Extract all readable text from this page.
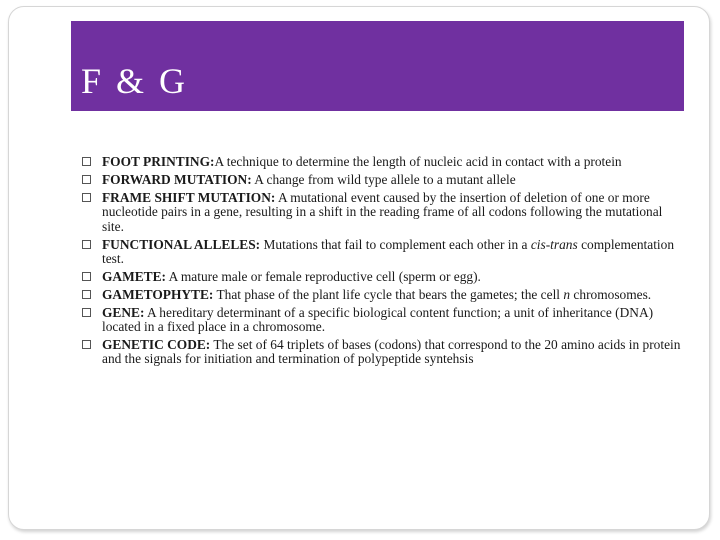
F & G
FOOT PRINTING:A technique to determine the length of nucleic acid in contact with a protein
FORWARD MUTATION: A change from wild type allele to a mutant allele
FRAME SHIFT MUTATION: A mutational event caused by the insertion of deletion of one or more nucleotide pairs in a gene, resulting in a shift in the reading frame of all codons following the mutational site.
FUNCTIONAL ALLELES: Mutations that fail to complement each other in a cis-trans complementation test.
GAMETE: A mature male or female reproductive cell (sperm or egg).
GAMETOPHYTE: That phase of the plant life cycle that bears the gametes; the cell n chromosomes.
GENE: A hereditary determinant of a specific biological content function; a unit of inheritance (DNA) located in a fixed place in a chromosome.
GENETIC CODE: The set of 64 triplets of bases (codons) that correspond to the 20 amino acids in protein and the signals for initiation and termination of polypeptide syntehsis
